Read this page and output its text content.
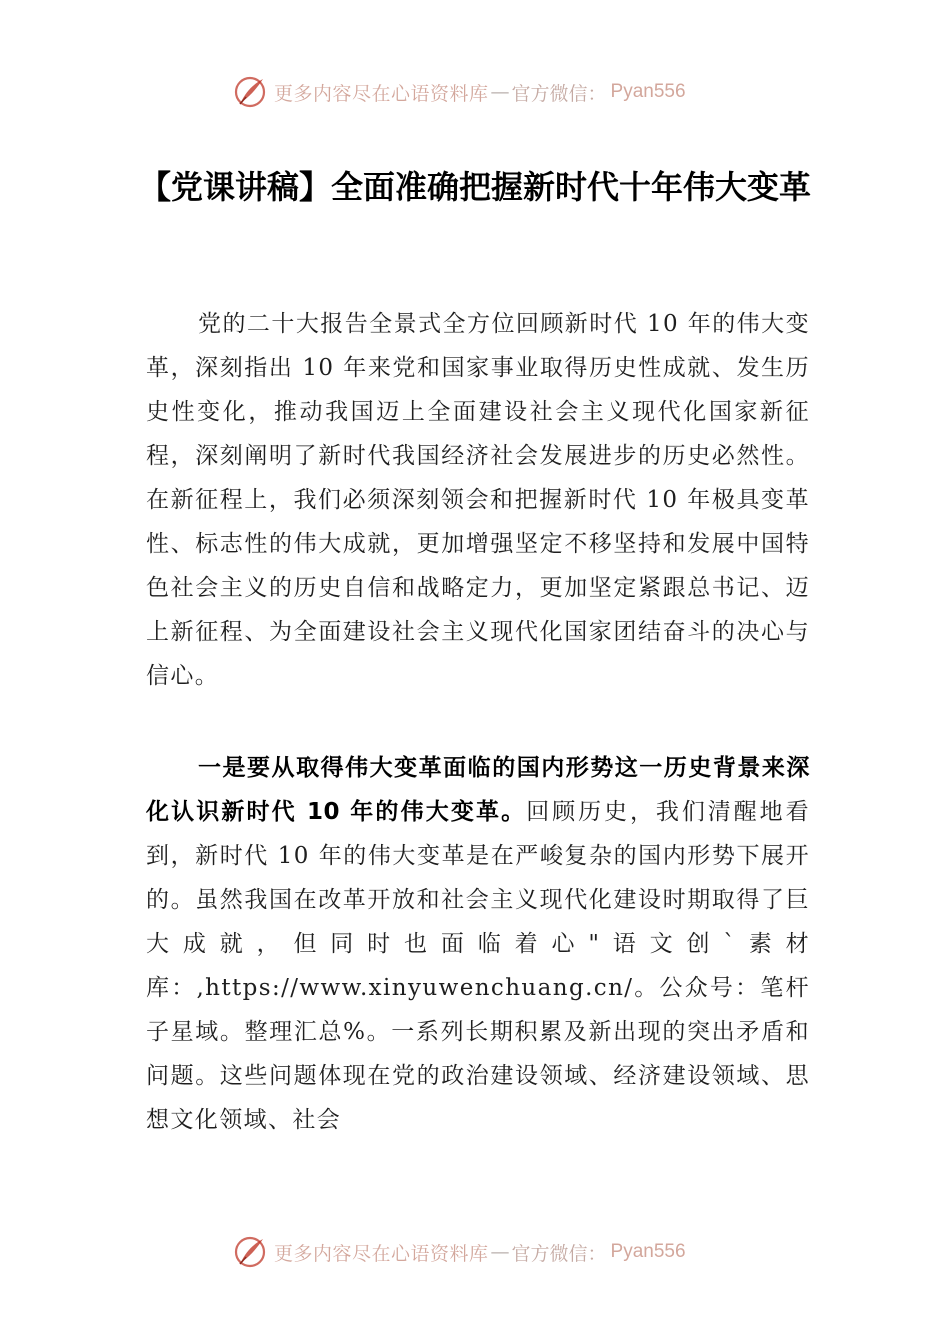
更多内容尽在心语资料库 — 官方微信： Pyan556
【党课讲稿】全面准确把握新时代十年伟大变革
党的二十大报告全景式全方位回顾新时代 10 年的伟大变革，深刻指出 10 年来党和国家事业取得历史性成就、发生历史性变化，推动我国迈上全面建设社会主义现代化国家新征程，深刻阐明了新时代我国经济社会发展进步的历史必然性。在新征程上，我们必须深刻领会和把握新时代 10 年极具变革性、标志性的伟大成就，更加增强坚定不移坚持和发展中国特色社会主义的历史自信和战略定力，更加坚定紧跟总书记、迈上新征程、为全面建设社会主义现代化国家团结奋斗的决心与信心。
一是要从取得伟大变革面临的国内形势这一历史背景来深化认识新时代 10 年的伟大变革。回顾历史，我们清醒地看到，新时代 10 年的伟大变革是在严峻复杂的国内形势下展开的。虽然我国在改革开放和社会主义现代化建设时期取得了巨大成就，但同时也面临着心"语文创`素材库：,https://www.xinyuwenchuang.cn/。公众号：笔杆子星域。整理汇总%。一系列长期积累及新出现的突出矛盾和问题。这些问题体现在党的政治建设领域、经济建设领域、思想文化领域、社会
更多内容尽在心语资料库 — 官方微信： Pyan556
